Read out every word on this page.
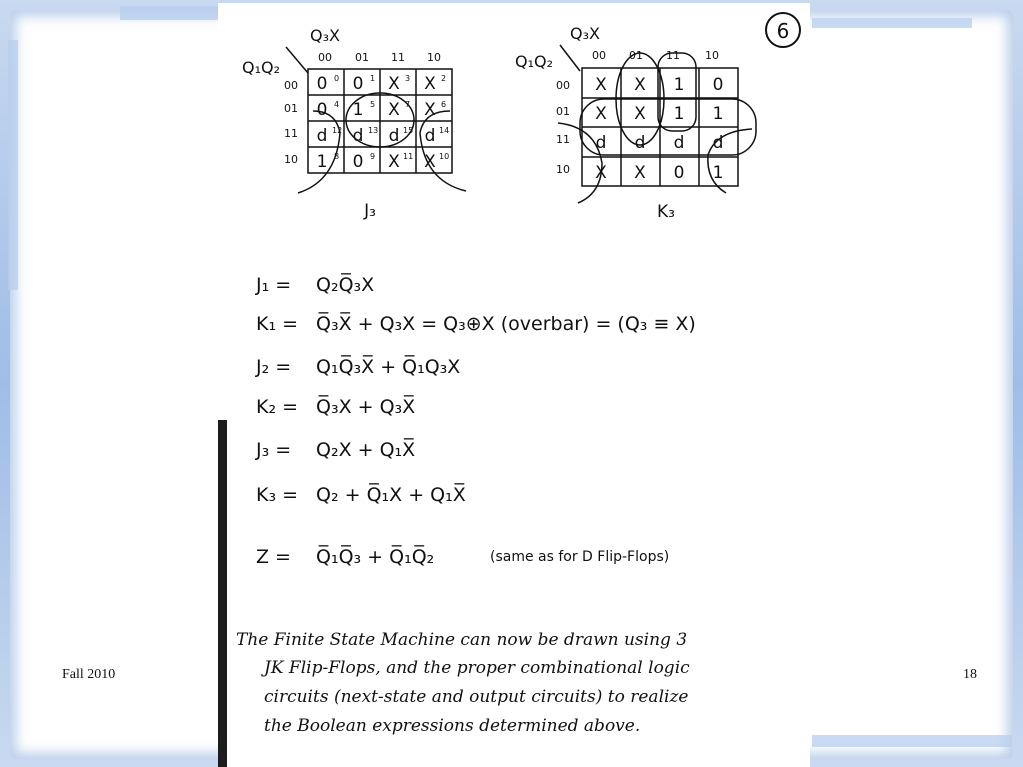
Fall 2010	18
6
Q₃X
Q₁Q₂
00 01 11 10
00
01
11
10
0 0 X X
0 1 X X
d d d d
1 0 X X
0	1	3	2
4	5	7	6
12	13	15	14
8	9	11	10
J₃
Q₃X
Q₁Q₂	00 01 11 10
00
01
11
10
X X 1 0
X X 1 1
d d d d
X X 0 1
K₃
J₁ = Q₂Q̅₃X
K₁ = Q̅₃X̅ + Q₃X = Q₃⊕X (overbar) = (Q₃ ≡ X)
J₂ = Q₁Q̅₃X̅ + Q̅₁Q₃X
K₂ = Q̅₃X + Q₃X̅
J₃ = Q₂X + Q₁X̅
K₃ = Q₂ + Q̅₁X + Q₁X̅
Z = Q̅₁Q̅₃ + Q̅₁Q̅₂	(same as for D Flip-Flops)
The Finite State Machine can now be drawn using 3
JK Flip-Flops, and the proper combinational logic
circuits (next-state and output circuits) to realize
the Boolean expressions determined above.
